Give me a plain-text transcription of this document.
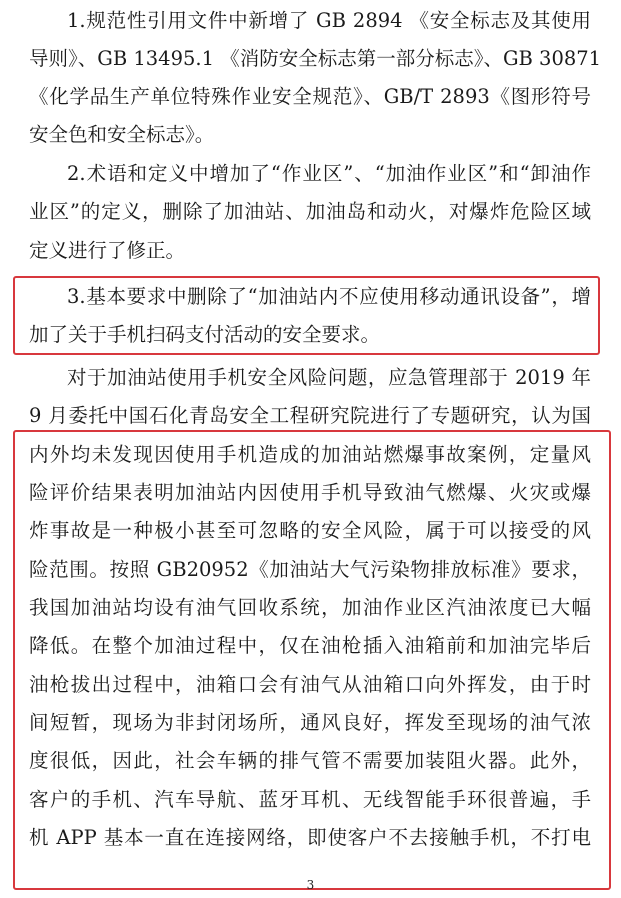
1.规范性引用文件中新增了 GB 2894 《安全标志及其使用
导则》、GB 13495.1 《消防安全标志第一部分标志》、GB 30871
《化学品生产单位特殊作业安全规范》、GB/T 2893《图形符号
安全色和安全标志》。
2.术语和定义中增加了“作业区”、“加油作业区”和“卸油作
业区”的定义，删除了加油站、加油岛和动火，对爆炸危险区域
定义进行了修正。
3.基本要求中删除了“加油站内不应使用移动通讯设备”，增
加了关于手机扫码支付活动的安全要求。
对于加油站使用手机安全风险问题，应急管理部于 2019 年
9 月委托中国石化青岛安全工程研究院进行了专题研究，认为国
内外均未发现因使用手机造成的加油站燃爆事故案例，定量风
险评价结果表明加油站内因使用手机导致油气燃爆、火灾或爆
炸事故是一种极小甚至可忽略的安全风险，属于可以接受的风
险范围。按照 GB20952《加油站大气污染物排放标准》要求，
我国加油站均设有油气回收系统，加油作业区汽油浓度已大幅
降低。在整个加油过程中，仅在油枪插入油箱前和加油完毕后
油枪拔出过程中，油箱口会有油气从油箱口向外挥发，由于时
间短暂，现场为非封闭场所，通风良好，挥发至现场的油气浓
度很低，因此，社会车辆的排气管不需要加装阻火器。此外，
客户的手机、汽车导航、蓝牙耳机、无线智能手环很普遍，手
机 APP 基本一直在连接网络，即使客户不去接触手机，不打电
3
